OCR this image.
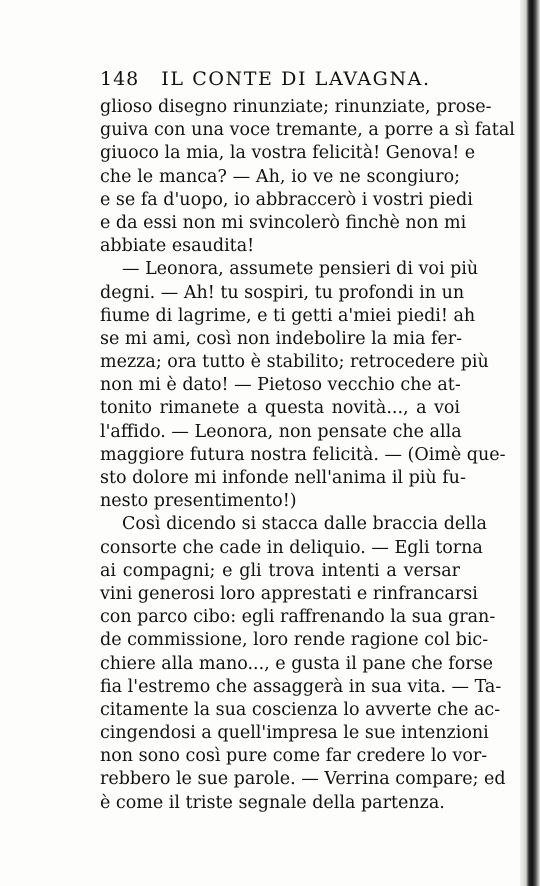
148 IL CONTE DI LAVAGNA.
glioso disegno rinunziate; rinunziate, prose-
guiva con una voce tremante, a porre a sì fatal
giuoco la mia, la vostra felicità! Genova! e
che le manca? — Ah, io ve ne scongiuro;
e se fa d'uopo, io abbraccerò i vostri piedi
e da essi non mi svincolerò finchè non mi
abbiate esaudita!
— Leonora, assumete pensieri di voi più
degni. — Ah! tu sospiri, tu profondi in un
fiume di lagrime, e ti getti a'miei piedi! ah
se mi ami, così non indebolire la mia fer-
mezza; ora tutto è stabilito; retrocedere più
non mi è dato! — Pietoso vecchio che at-
tonito rimanete a questa novità..., a voi
l'affido. — Leonora, non pensate che alla
maggiore futura nostra felicità. — (Oimè que-
sto dolore mi infonde nell'anima il più fu-
nesto presentimento!)
Così dicendo si stacca dalle braccia della
consorte che cade in deliquio. — Egli torna
ai compagni; e gli trova intenti a versar
vini generosi loro apprestati e rinfrancarsi
con parco cibo: egli raffrenando la sua gran-
de commissione, loro rende ragione col bic-
chiere alla mano..., e gusta il pane che forse
fia l'estremo che assaggerà in sua vita. — Ta-
citamente la sua coscienza lo avverte che ac-
cingendosi a quell'impresa le sue intenzioni
non sono così pure come far credere lo vor-
rebbero le sue parole. — Verrina compare; ed
è come il triste segnale della partenza.
